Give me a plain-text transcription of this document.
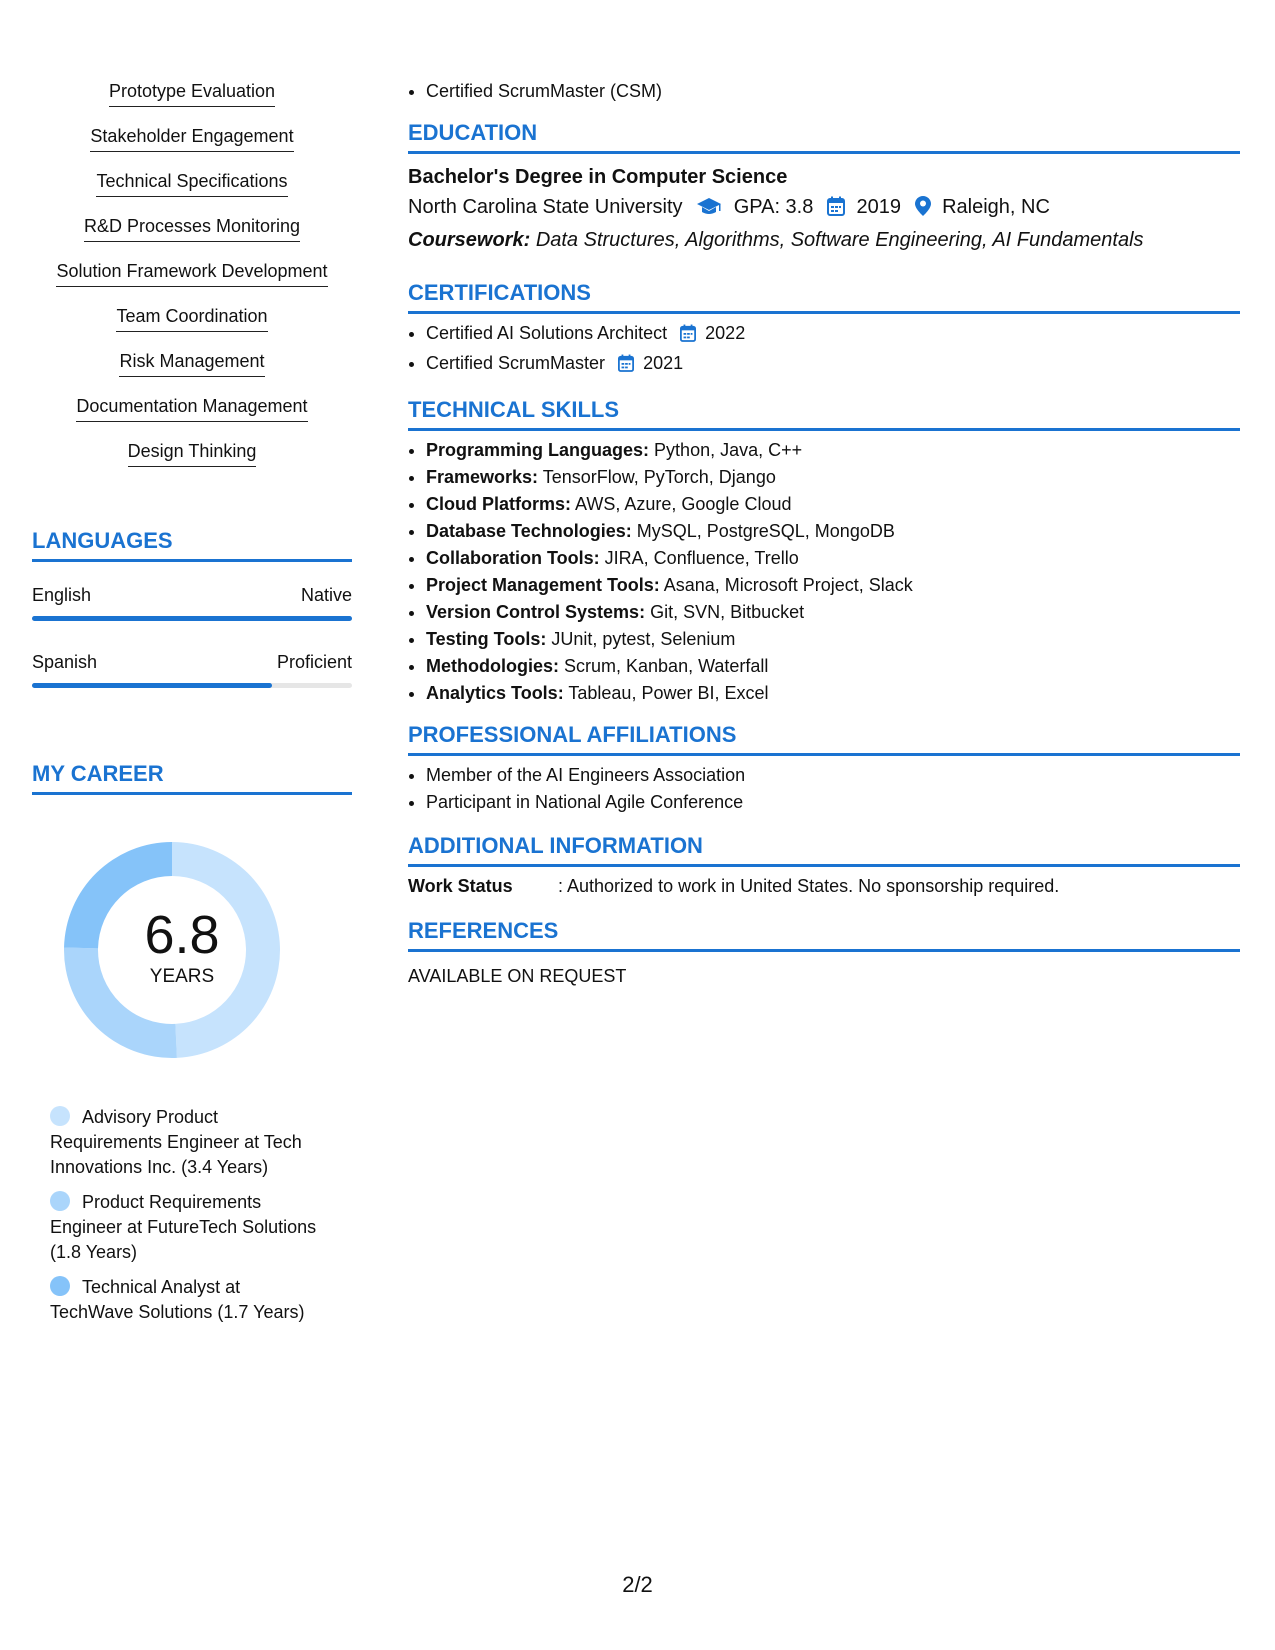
Prototype Evaluation
Stakeholder Engagement
Technical Specifications
R&D Processes Monitoring
Solution Framework Development
Team Coordination
Risk Management
Documentation Management
Design Thinking
LANGUAGES
English	Native
Spanish	Proficient
MY CAREER
6.8
YEARS
Advisory Product Requirements Engineer at Tech Innovations Inc. (3.4 Years)
Product Requirements Engineer at FutureTech Solutions (1.8 Years)
Technical Analyst at TechWave Solutions (1.7 Years)
• Certified ScrumMaster (CSM)
EDUCATION
Bachelor's Degree in Computer Science
North Carolina State University	GPA: 3.8 2019 Raleigh, NC
Coursework: Data Structures, Algorithms, Software Engineering, AI Fundamentals
CERTIFICATIONS
• Certified AI Solutions Architect 2022
• Certified ScrumMaster 2021
TECHNICAL SKILLS
• Programming Languages: Python, Java, C++
• Frameworks: TensorFlow, PyTorch, Django
• Cloud Platforms: AWS, Azure, Google Cloud
• Database Technologies: MySQL, PostgreSQL, MongoDB
• Collaboration Tools: JIRA, Confluence, Trello
• Project Management Tools: Asana, Microsoft Project, Slack
• Version Control Systems: Git, SVN, Bitbucket
• Testing Tools: JUnit, pytest, Selenium
• Methodologies: Scrum, Kanban, Waterfall
• Analytics Tools: Tableau, Power BI, Excel
PROFESSIONAL AFFILIATIONS
• Member of the AI Engineers Association
• Participant in National Agile Conference
ADDITIONAL INFORMATION
Work Status	: Authorized to work in United States. No sponsorship required.
REFERENCES
AVAILABLE ON REQUEST
2/2
